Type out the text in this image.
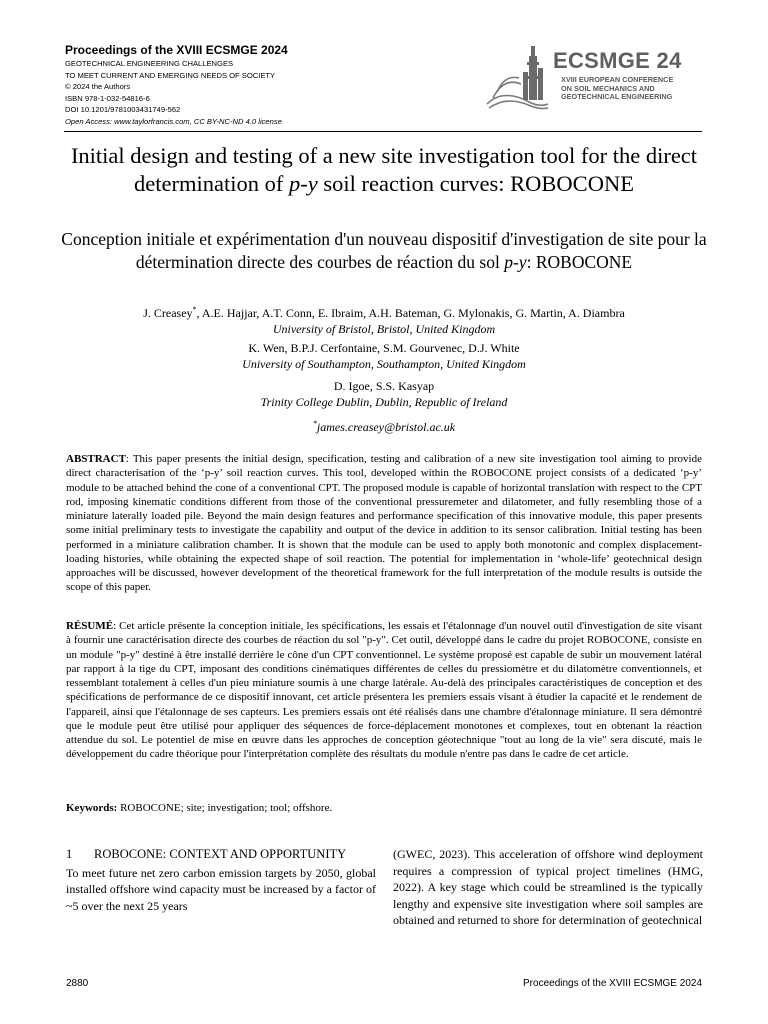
Proceedings of the XVIII ECSMGE 2024
GEOTECHNICAL ENGINEERING CHALLENGES
TO MEET CURRENT AND EMERGING NEEDS OF SOCIETY
© 2024 the Authors
ISBN 978-1-032-54816-6
DOI 10.1201/9781003431749-562
Open Access: www.taylorfrancis.com, CC BY-NC-ND 4.0 license
ECSMGE 24
XVIII EUROPEAN CONFERENCE
ON SOIL MECHANICS AND
GEOTECHNICAL ENGINEERING
Initial design and testing of a new site investigation tool for the direct determination of p-y soil reaction curves: ROBOCONE
Conception initiale et expérimentation d'un nouveau dispositif d'investigation de site pour la détermination directe des courbes de réaction du sol p-y: ROBOCONE
J. Creasey*, A.E. Hajjar, A.T. Conn, E. Ibraim, A.H. Bateman, G. Mylonakis, G. Martin, A. Diambra
University of Bristol, Bristol, United Kingdom
K. Wen, B.P.J. Cerfontaine, S.M. Gourvenec, D.J. White
University of Southampton, Southampton, United Kingdom
D. Igoe, S.S. Kasyap
Trinity College Dublin, Dublin, Republic of Ireland
*james.creasey@bristol.ac.uk
ABSTRACT: This paper presents the initial design, specification, testing and calibration of a new site investigation tool aiming to provide direct characterisation of the ‘p-y’ soil reaction curves. This tool, developed within the ROBOCONE project consists of a dedicated ‘p-y’ module to be attached behind the cone of a conventional CPT. The proposed module is capable of horizontal translation with respect to the CPT rod, imposing kinematic conditions different from those of the conventional pressuremeter and dilatometer, and fully resembling those of a miniature laterally loaded pile. Beyond the main design features and performance specification of this innovative module, this paper presents some initial preliminary tests to investigate the capability and output of the device in addition to its sensor calibration. Initial testing has been performed in a miniature calibration chamber. It is shown that the module can be used to apply both monotonic and complex displacement-loading histories, while obtaining the expected shape of soil reaction. The potential for implementation in ‘whole-life’ geotechnical design approaches will be discussed, however development of the theoretical framework for the full interpretation of the module results is outside the scope of this paper.
RÉSUMÉ: Cet article présente la conception initiale, les spécifications, les essais et l'étalonnage d'un nouvel outil d'investigation de site visant à fournir une caractérisation directe des courbes de réaction du sol "p-y". Cet outil, développé dans le cadre du projet ROBOCONE, consiste en un module "p-y" destiné à être installé derrière le cône d'un CPT conventionnel. Le système proposé est capable de subir un mouvement latéral par rapport à la tige du CPT, imposant des conditions cinématiques différentes de celles du pressiomètre et du dilatomètre conventionnels, et ressemblant totalement à celles d'un pieu miniature soumis à une charge latérale. Au-delà des principales caractéristiques de conception et des spécifications de performance de ce dispositif innovant, cet article présentera les premiers essais visant à étudier la capacité et le rendement de l'appareil, ainsi que l'étalonnage de ses capteurs. Les premiers essais ont été réalisés dans une chambre d'étalonnage miniature. Il sera démontré que le module peut être utilisé pour appliquer des séquences de force-déplacement monotones et complexes, tout en obtenant la réaction attendue du sol. Le potentiel de mise en œuvre dans les approches de conception géotechnique "tout au long de la vie" sera discuté, mais le développement du cadre théorique pour l'interprétation complète des résultats du module n'entre pas dans le cadre de cet article.
Keywords: ROBOCONE; site; investigation; tool; offshore.
1	ROBOCONE: CONTEXT AND OPPORTUNITY
To meet future net zero carbon emission targets by 2050, global installed offshore wind capacity must be increased by a factor of ~5 over the next 25 years
(GWEC, 2023). This acceleration of offshore wind deployment requires a compression of typical project timelines (HMG, 2022). A key stage which could be streamlined is the typically lengthy and expensive site investigation where soil samples are obtained and returned to shore for determination of geotechnical
2880	Proceedings of the XVIII ECSMGE 2024
